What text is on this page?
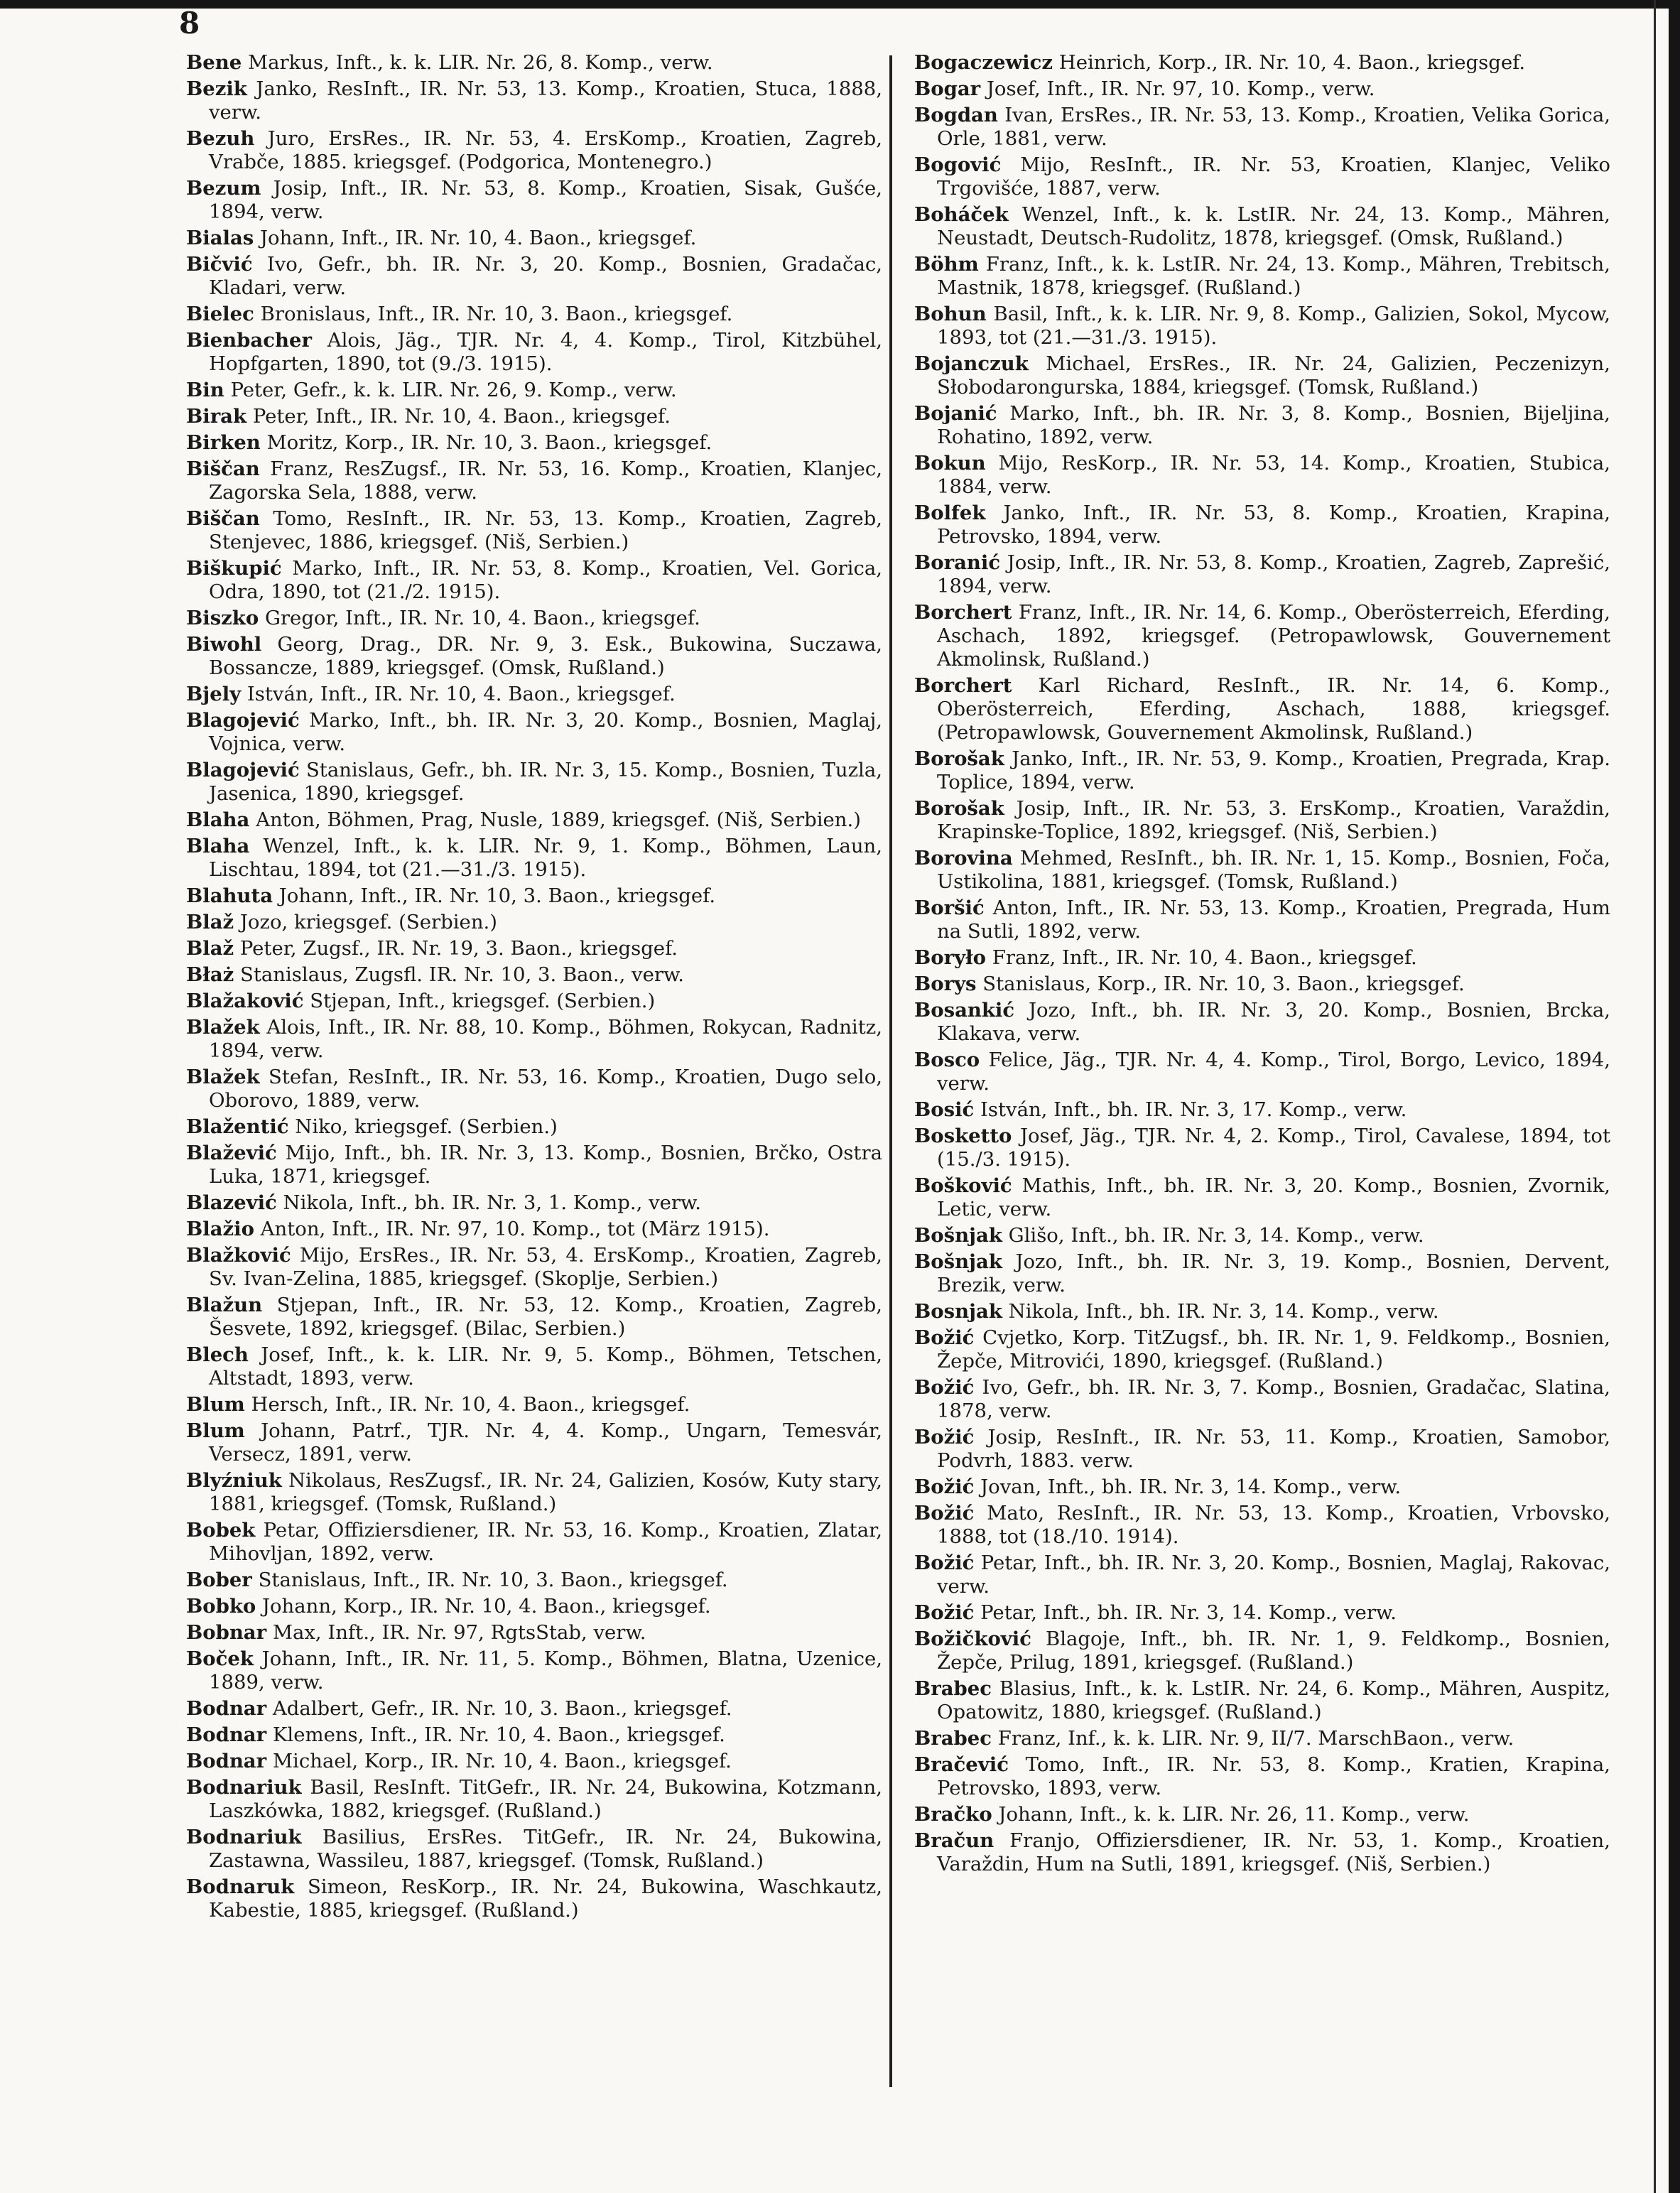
8
Bene Markus, Inft., k. k. LIR. Nr. 26, 8. Komp., verw.
Bezik Janko, ResInft., IR. Nr. 53, 13. Komp., Kroatien, Stuca, 1888, verw.
Bezuh Juro, ErsRes., IR. Nr. 53, 4. ErsKomp., Kroatien, Zagreb, Vrabče, 1885. kriegsgef. (Podgorica, Montenegro.)
Bezum Josip, Inft., IR. Nr. 53, 8. Komp., Kroatien, Sisak, Gušće, 1894, verw.
Bialas Johann, Inft., IR. Nr. 10, 4. Baon., kriegsgef.
Bičvić Ivo, Gefr., bh. IR. Nr. 3, 20. Komp., Bosnien, Gradačac, Kladari, verw.
Bielec Bronislaus, Inft., IR. Nr. 10, 3. Baon., kriegsgef.
Bienbacher Alois, Jäg., TJR. Nr. 4, 4. Komp., Tirol, Kitzbühel, Hopfgarten, 1890, tot (9./3. 1915).
Bin Peter, Gefr., k. k. LIR. Nr. 26, 9. Komp., verw.
Birak Peter, Inft., IR. Nr. 10, 4. Baon., kriegsgef.
Birken Moritz, Korp., IR. Nr. 10, 3. Baon., kriegsgef.
Biščan Franz, ResZugsf., IR. Nr. 53, 16. Komp., Kroatien, Klanjec, Zagorska Sela, 1888, verw.
Biščan Tomo, ResInft., IR. Nr. 53, 13. Komp., Kroatien, Zagreb, Stenjevec, 1886, kriegsgef. (Niš, Serbien.)
Biškupić Marko, Inft., IR. Nr. 53, 8. Komp., Kroatien, Vel. Gorica, Odra, 1890, tot (21./2. 1915).
Biszko Gregor, Inft., IR. Nr. 10, 4. Baon., kriegsgef.
Biwohl Georg, Drag., DR. Nr. 9, 3. Esk., Bukowina, Suczawa, Bossancze, 1889, kriegsgef. (Omsk, Rußland.)
Bjely István, Inft., IR. Nr. 10, 4. Baon., kriegsgef.
Blagojević Marko, Inft., bh. IR. Nr. 3, 20. Komp., Bosnien, Maglaj, Vojnica, verw.
Blagojević Stanislaus, Gefr., bh. IR. Nr. 3, 15. Komp., Bosnien, Tuzla, Jasenica, 1890, kriegsgef.
Blaha Anton, Böhmen, Prag, Nusle, 1889, kriegsgef. (Niš, Serbien.)
Blaha Wenzel, Inft., k. k. LIR. Nr. 9, 1. Komp., Böhmen, Laun, Lischtau, 1894, tot (21.—31./3. 1915).
Blahuta Johann, Inft., IR. Nr. 10, 3. Baon., kriegsgef.
Blaž Jozo, kriegsgef. (Serbien.)
Blaž Peter, Zugsf., IR. Nr. 19, 3. Baon., kriegsgef.
Błaż Stanislaus, Zugsfl. IR. Nr. 10, 3. Baon., verw.
Blažaković Stjepan, Inft., kriegsgef. (Serbien.)
Blažek Alois, Inft., IR. Nr. 88, 10. Komp., Böhmen, Rokycan, Radnitz, 1894, verw.
Blažek Stefan, ResInft., IR. Nr. 53, 16. Komp., Kroatien, Dugo selo, Oborovo, 1889, verw.
Blažentić Niko, kriegsgef. (Serbien.)
Blažević Mijo, Inft., bh. IR. Nr. 3, 13. Komp., Bosnien, Brčko, Ostra Luka, 1871, kriegsgef.
Blazević Nikola, Inft., bh. IR. Nr. 3, 1. Komp., verw.
Blažio Anton, Inft., IR. Nr. 97, 10. Komp., tot (März 1915).
Blažković Mijo, ErsRes., IR. Nr. 53, 4. ErsKomp., Kroatien, Zagreb, Sv. Ivan-Zelina, 1885, kriegsgef. (Skoplje, Serbien.)
Blažun Stjepan, Inft., IR. Nr. 53, 12. Komp., Kroatien, Zagreb, Šesvete, 1892, kriegsgef. (Bilac, Serbien.)
Blech Josef, Inft., k. k. LIR. Nr. 9, 5. Komp., Böhmen, Tetschen, Altstadt, 1893, verw.
Blum Hersch, Inft., IR. Nr. 10, 4. Baon., kriegsgef.
Blum Johann, Patrf., TJR. Nr. 4, 4. Komp., Ungarn, Temesvár, Versecz, 1891, verw.
Blyźniuk Nikolaus, ResZugsf., IR. Nr. 24, Galizien, Kosów, Kuty stary, 1881, kriegsgef. (Tomsk, Rußland.)
Bobek Petar, Offiziersdiener, IR. Nr. 53, 16. Komp., Kroatien, Zlatar, Mihovljan, 1892, verw.
Bober Stanislaus, Inft., IR. Nr. 10, 3. Baon., kriegsgef.
Bobko Johann, Korp., IR. Nr. 10, 4. Baon., kriegsgef.
Bobnar Max, Inft., IR. Nr. 97, RgtsStab, verw.
Boček Johann, Inft., IR. Nr. 11, 5. Komp., Böhmen, Blatna, Uzenice, 1889, verw.
Bodnar Adalbert, Gefr., IR. Nr. 10, 3. Baon., kriegsgef.
Bodnar Klemens, Inft., IR. Nr. 10, 4. Baon., kriegsgef.
Bodnar Michael, Korp., IR. Nr. 10, 4. Baon., kriegsgef.
Bodnariuk Basil, ResInft. TitGefr., IR. Nr. 24, Bukowina, Kotzmann, Laszkówka, 1882, kriegsgef. (Rußland.)
Bodnariuk Basilius, ErsRes. TitGefr., IR. Nr. 24, Bukowina, Zastawna, Wassileu, 1887, kriegsgef. (Tomsk, Rußland.)
Bodnaruk Simeon, ResKorp., IR. Nr. 24, Bukowina, Waschkautz, Kabestie, 1885, kriegsgef. (Rußland.)
Bogaczewicz Heinrich, Korp., IR. Nr. 10, 4. Baon., kriegsgef.
Bogar Josef, Inft., IR. Nr. 97, 10. Komp., verw.
Bogdan Ivan, ErsRes., IR. Nr. 53, 13. Komp., Kroatien, Velika Gorica, Orle, 1881, verw.
Bogović Mijo, ResInft., IR. Nr. 53, Kroatien, Klanjec, Veliko Trgovišće, 1887, verw.
Boháček Wenzel, Inft., k. k. LstIR. Nr. 24, 13. Komp., Mähren, Neustadt, Deutsch-Rudolitz, 1878, kriegsgef. (Omsk, Rußland.)
Böhm Franz, Inft., k. k. LstIR. Nr. 24, 13. Komp., Mähren, Trebitsch, Mastnik, 1878, kriegsgef. (Rußland.)
Bohun Basil, Inft., k. k. LIR. Nr. 9, 8. Komp., Galizien, Sokol, Mycow, 1893, tot (21.—31./3. 1915).
Bojanczuk Michael, ErsRes., IR. Nr. 24, Galizien, Peczenizyn, Słobodarongurska, 1884, kriegsgef. (Tomsk, Rußland.)
Bojanić Marko, Inft., bh. IR. Nr. 3, 8. Komp., Bosnien, Bijeljina, Rohatino, 1892, verw.
Bokun Mijo, ResKorp., IR. Nr. 53, 14. Komp., Kroatien, Stubica, 1884, verw.
Bolfek Janko, Inft., IR. Nr. 53, 8. Komp., Kroatien, Krapina, Petrovsko, 1894, verw.
Boranić Josip, Inft., IR. Nr. 53, 8. Komp., Kroatien, Zagreb, Zaprešić, 1894, verw.
Borchert Franz, Inft., IR. Nr. 14, 6. Komp., Oberösterreich, Eferding, Aschach, 1892, kriegsgef. (Petropawlowsk, Gouvernement Akmolinsk, Rußland.)
Borchert Karl Richard, ResInft., IR. Nr. 14, 6. Komp., Oberösterreich, Eferding, Aschach, 1888, kriegsgef. (Petropawlowsk, Gouvernement Akmolinsk, Rußland.)
Borošak Janko, Inft., IR. Nr. 53, 9. Komp., Kroatien, Pregrada, Krap. Toplice, 1894, verw.
Borošak Josip, Inft., IR. Nr. 53, 3. ErsKomp., Kroatien, Varaždin, Krapinske-Toplice, 1892, kriegsgef. (Niš, Serbien.)
Borovina Mehmed, ResInft., bh. IR. Nr. 1, 15. Komp., Bosnien, Foča, Ustikolina, 1881, kriegsgef. (Tomsk, Rußland.)
Boršić Anton, Inft., IR. Nr. 53, 13. Komp., Kroatien, Pregrada, Hum na Sutli, 1892, verw.
Boryło Franz, Inft., IR. Nr. 10, 4. Baon., kriegsgef.
Borys Stanislaus, Korp., IR. Nr. 10, 3. Baon., kriegsgef.
Bosankić Jozo, Inft., bh. IR. Nr. 3, 20. Komp., Bosnien, Brcka, Klakava, verw.
Bosco Felice, Jäg., TJR. Nr. 4, 4. Komp., Tirol, Borgo, Levico, 1894, verw.
Bosić István, Inft., bh. IR. Nr. 3, 17. Komp., verw.
Bosketto Josef, Jäg., TJR. Nr. 4, 2. Komp., Tirol, Cavalese, 1894, tot (15./3. 1915).
Bošković Mathis, Inft., bh. IR. Nr. 3, 20. Komp., Bosnien, Zvornik, Letic, verw.
Bošnjak Glišo, Inft., bh. IR. Nr. 3, 14. Komp., verw.
Bošnjak Jozo, Inft., bh. IR. Nr. 3, 19. Komp., Bosnien, Dervent, Brezik, verw.
Bosnjak Nikola, Inft., bh. IR. Nr. 3, 14. Komp., verw.
Božić Cvjetko, Korp. TitZugsf., bh. IR. Nr. 1, 9. Feldkomp., Bosnien, Žepče, Mitrovići, 1890, kriegsgef. (Rußland.)
Božić Ivo, Gefr., bh. IR. Nr. 3, 7. Komp., Bosnien, Gradačac, Slatina, 1878, verw.
Božić Josip, ResInft., IR. Nr. 53, 11. Komp., Kroatien, Samobor, Podvrh, 1883. verw.
Božić Jovan, Inft., bh. IR. Nr. 3, 14. Komp., verw.
Božić Mato, ResInft., IR. Nr. 53, 13. Komp., Kroatien, Vrbovsko, 1888, tot (18./10. 1914).
Božić Petar, Inft., bh. IR. Nr. 3, 20. Komp., Bosnien, Maglaj, Rakovac, verw.
Božić Petar, Inft., bh. IR. Nr. 3, 14. Komp., verw.
Božičković Blagoje, Inft., bh. IR. Nr. 1, 9. Feldkomp., Bosnien, Žepče, Prilug, 1891, kriegsgef. (Rußland.)
Brabec Blasius, Inft., k. k. LstIR. Nr. 24, 6. Komp., Mähren, Auspitz, Opatowitz, 1880, kriegsgef. (Rußland.)
Brabec Franz, Inf., k. k. LIR. Nr. 9, II/7. MarschBaon., verw.
Bračević Tomo, Inft., IR. Nr. 53, 8. Komp., Kratien, Krapina, Petrovsko, 1893, verw.
Bračko Johann, Inft., k. k. LIR. Nr. 26, 11. Komp., verw.
Bračun Franjo, Offiziersdiener, IR. Nr. 53, 1. Komp., Kroatien, Varaždin, Hum na Sutli, 1891, kriegsgef. (Niš, Serbien.)
